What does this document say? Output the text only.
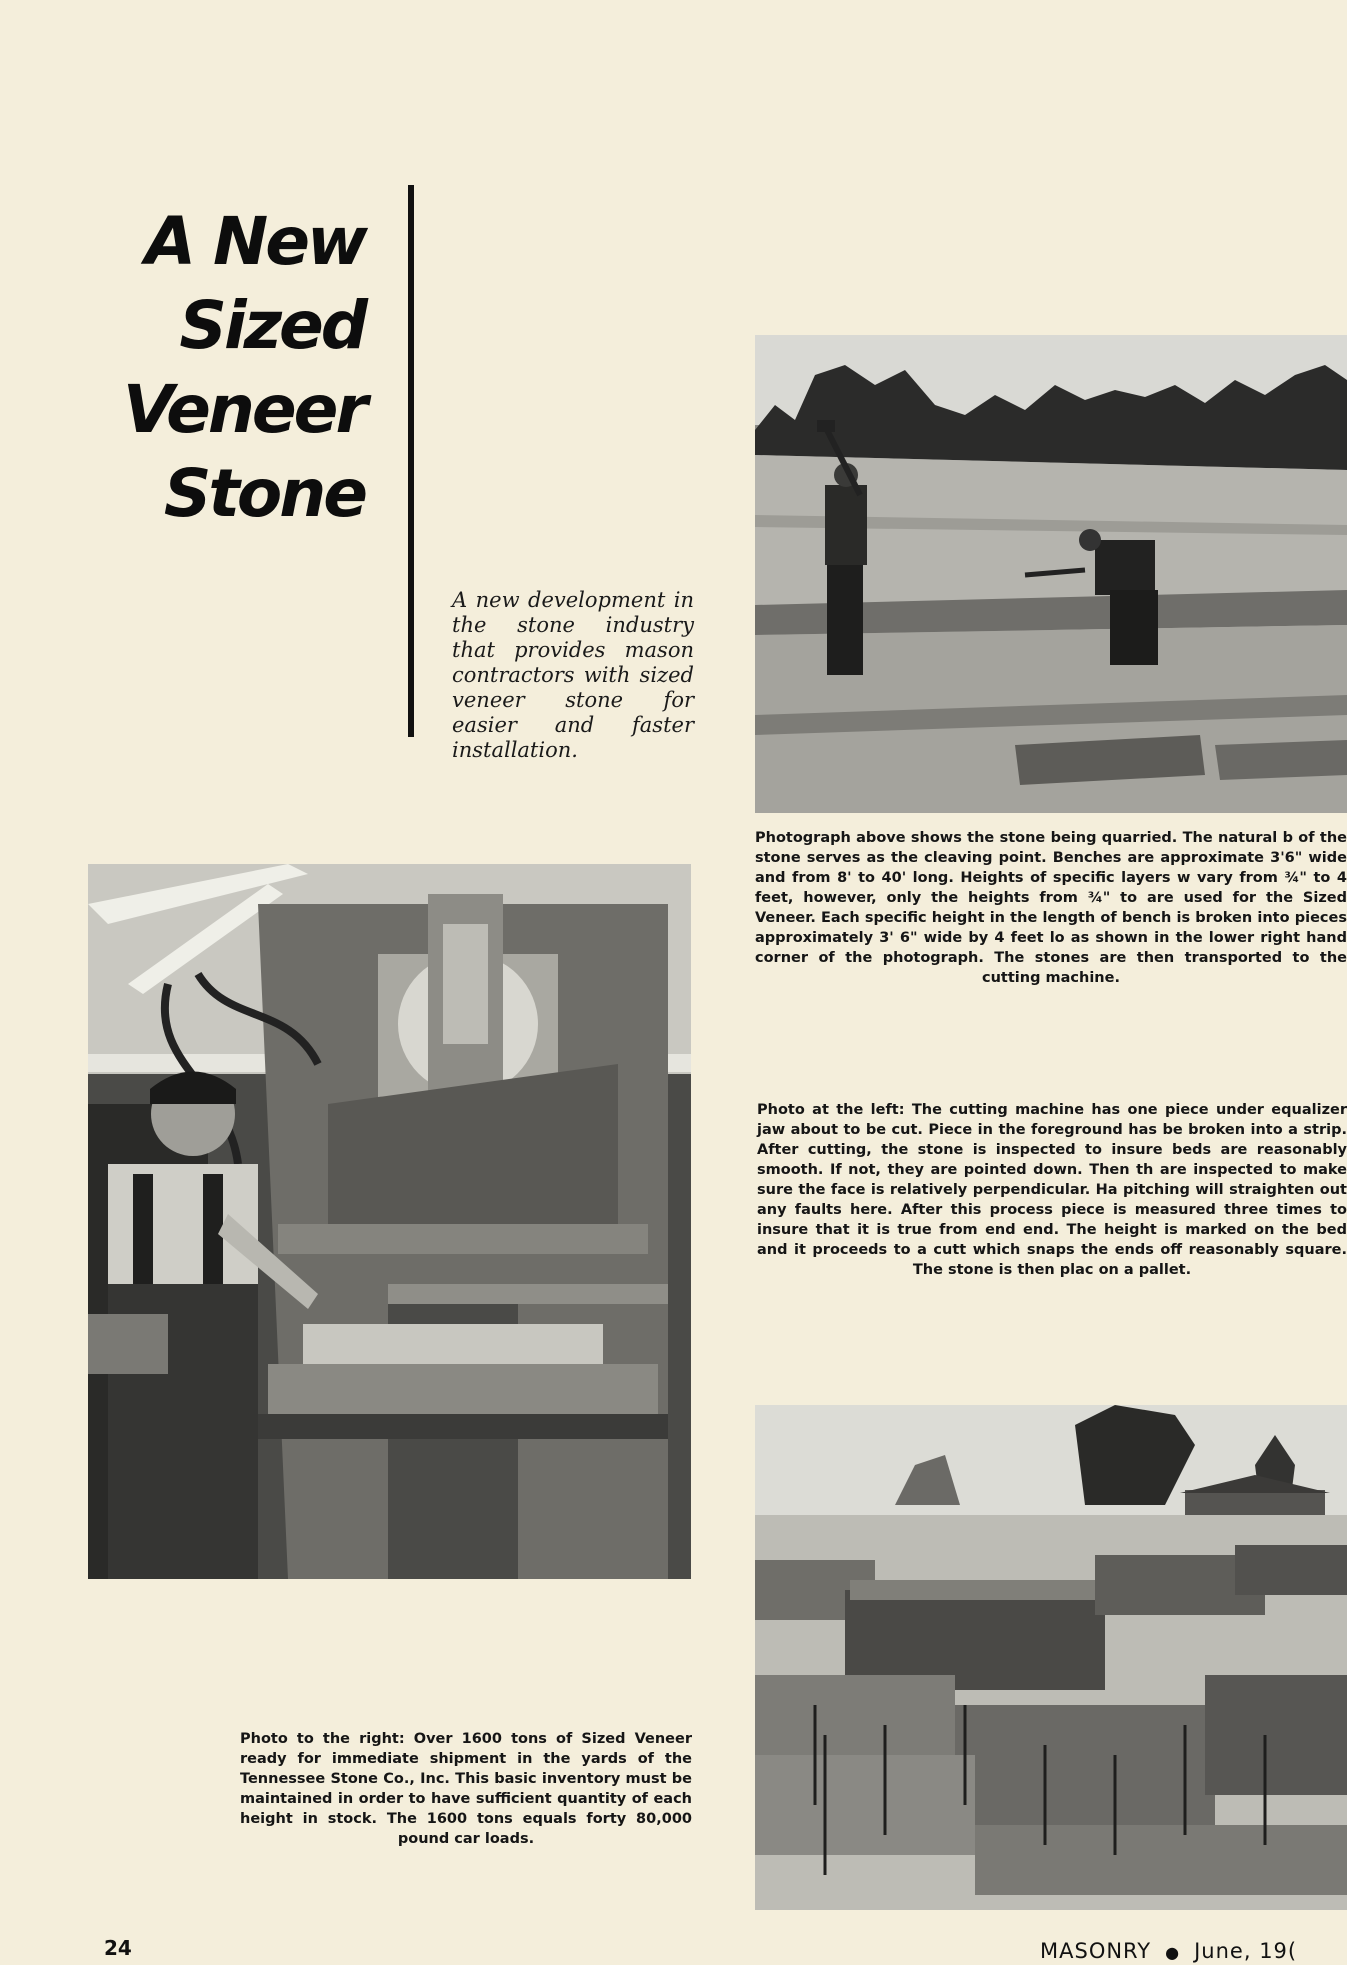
A New
Sized
Veneer
Stone
A new development in the stone industry that provides mason contractors with sized veneer stone for easier and faster installation.
Photograph above shows the stone being quarried. The natural b of the stone serves as the cleaving point. Benches are approximate 3'6" wide and from 8' to 40' long. Heights of specific layers w vary from ¾" to 4 feet, however, only the heights from ¾" to are used for the Sized Veneer. Each specific height in the length of bench is broken into pieces approximately 3' 6" wide by 4 feet lo as shown in the lower right hand corner of the photograph. The stones are then transported to the cutting machine.
Photo at the left: The cutting machine has one piece under equalizer jaw about to be cut. Piece in the foreground has be broken into a strip. After cutting, the stone is inspected to insure beds are reasonably smooth. If not, they are pointed down. Then th are inspected to make sure the face is relatively perpendicular. Ha pitching will straighten out any faults here. After this process piece is measured three times to insure that it is true from end end. The height is marked on the bed and it proceeds to a cutt which snaps the ends off reasonably square. The stone is then plac on a pallet.
Photo to the right: Over 1600 tons of Sized Veneer ready for immediate shipment in the yards of the Tennessee Stone Co., Inc. This basic inventory must be maintained in order to have sufficient quantity of each height in stock. The 1600 tons equals forty 80,000 pound car loads.
24	MASONRY ● June, 19(
